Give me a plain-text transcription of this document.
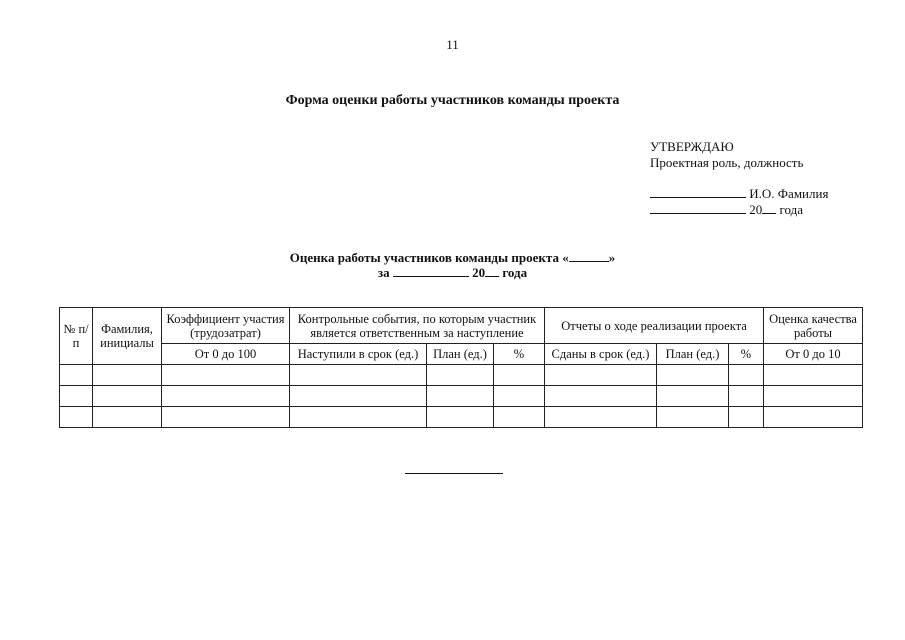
11
Форма оценки работы участников команды проекта
УТВЕРЖДАЮ
Проектная роль, должность
И.О. Фамилия
20 года
Оценка работы участников команды проекта «	»
за	20 года
№ п/п	Фамилия, инициалы	Коэффициент участия (трудозатрат)	Контрольные события, по которым участник является ответственным за наступление			Отчеты о ходе реализации проекта			Оценка качества работы
		От 0 до 100	Наступили в срок (ед.)	План (ед.)	%	Сданы в срок (ед.)	План (ед.)	%	От 0 до 10
